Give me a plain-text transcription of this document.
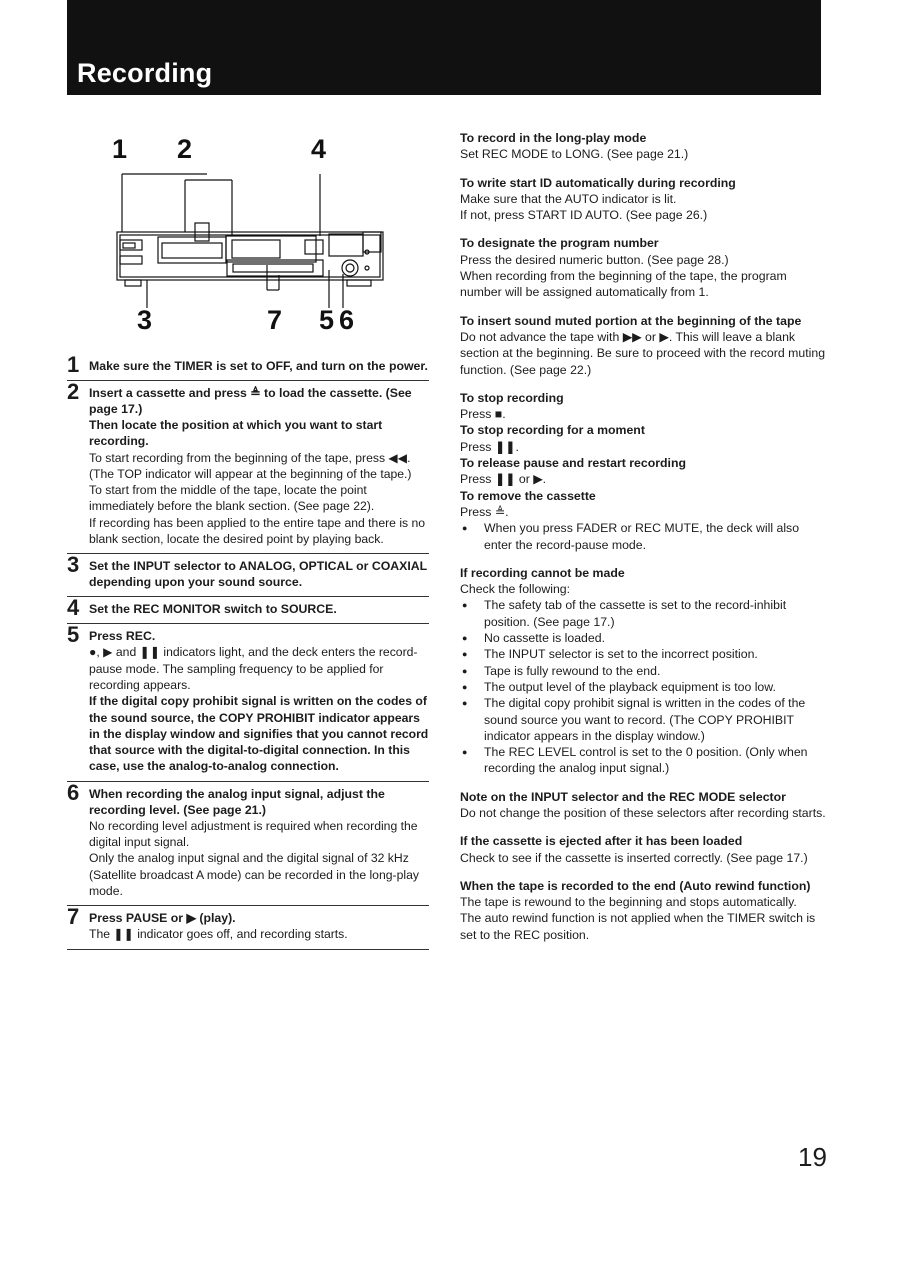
Recording
1 2	4
3	7 5 6
1 Make sure the TIMER is set to OFF, and turn on the power.
2 Insert a cassette and press ≜ to load the cassette. (See page 17.)
Then locate the position at which you want to start recording.
To start recording from the beginning of the tape, press ◀◀. (The TOP indicator will appear at the beginning of the tape.)
To start from the middle of the tape, locate the point immediately before the blank section. (See page 22).
If recording has been applied to the entire tape and there is no blank section, locate the desired point by playing back.
3 Set the INPUT selector to ANALOG, OPTICAL or COAXIAL depending upon your sound source.
4 Set the REC MONITOR switch to SOURCE.
5 Press REC.
●, ▶ and ❚❚ indicators light, and the deck enters the record-pause mode. The sampling frequency to be applied for recording appears.
If the digital copy prohibit signal is written on the codes of the sound source, the COPY PROHIBIT indicator appears in the display window and signifies that you cannot record that source with the digital-to-digital connection. In this case, use the analog-to-analog connection.
6 When recording the analog input signal, adjust the recording level. (See page 21.)
No recording level adjustment is required when recording the digital input signal.
Only the analog input signal and the digital signal of 32 kHz (Satellite broadcast A mode) can be recorded in the long-play mode.
7 Press PAUSE or ▶ (play).
The ❚❚ indicator goes off, and recording starts.
To record in the long-play mode
Set REC MODE to LONG. (See page 21.)
To write start ID automatically during recording
Make sure that the AUTO indicator is lit.
If not, press START ID AUTO. (See page 26.)
To designate the program number
Press the desired numeric button. (See page 28.)
When recording from the beginning of the tape, the program number will be assigned automatically from 1.
To insert sound muted portion at the beginning of the tape
Do not advance the tape with ▶▶ or ▶. This will leave a blank section at the beginning. Be sure to proceed with the record muting function. (See page 22.)
To stop recording
Press ■.
To stop recording for a moment
Press ❚❚.
To release pause and restart recording
Press ❚❚ or ▶.
To remove the cassette
Press ≜.
● When you press FADER or REC MUTE, the deck will also enter the record-pause mode.
If recording cannot be made
Check the following:
● The safety tab of the cassette is set to the record-inhibit position. (See page 17.)
● No cassette is loaded.
● The INPUT selector is set to the incorrect position.
● Tape is fully rewound to the end.
● The output level of the playback equipment is too low.
● The digital copy prohibit signal is written in the codes of the sound source you want to record. (The COPY PROHIBIT indicator appears in the display window.)
● The REC LEVEL control is set to the 0 position. (Only when recording the analog input signal.)
Note on the INPUT selector and the REC MODE selector
Do not change the position of these selectors after recording starts.
If the cassette is ejected after it has been loaded
Check to see if the cassette is inserted correctly. (See page 17.)
When the tape is recorded to the end (Auto rewind function)
The tape is rewound to the beginning and stops automatically.
The auto rewind function is not applied when the TIMER switch is set to the REC position.
19
